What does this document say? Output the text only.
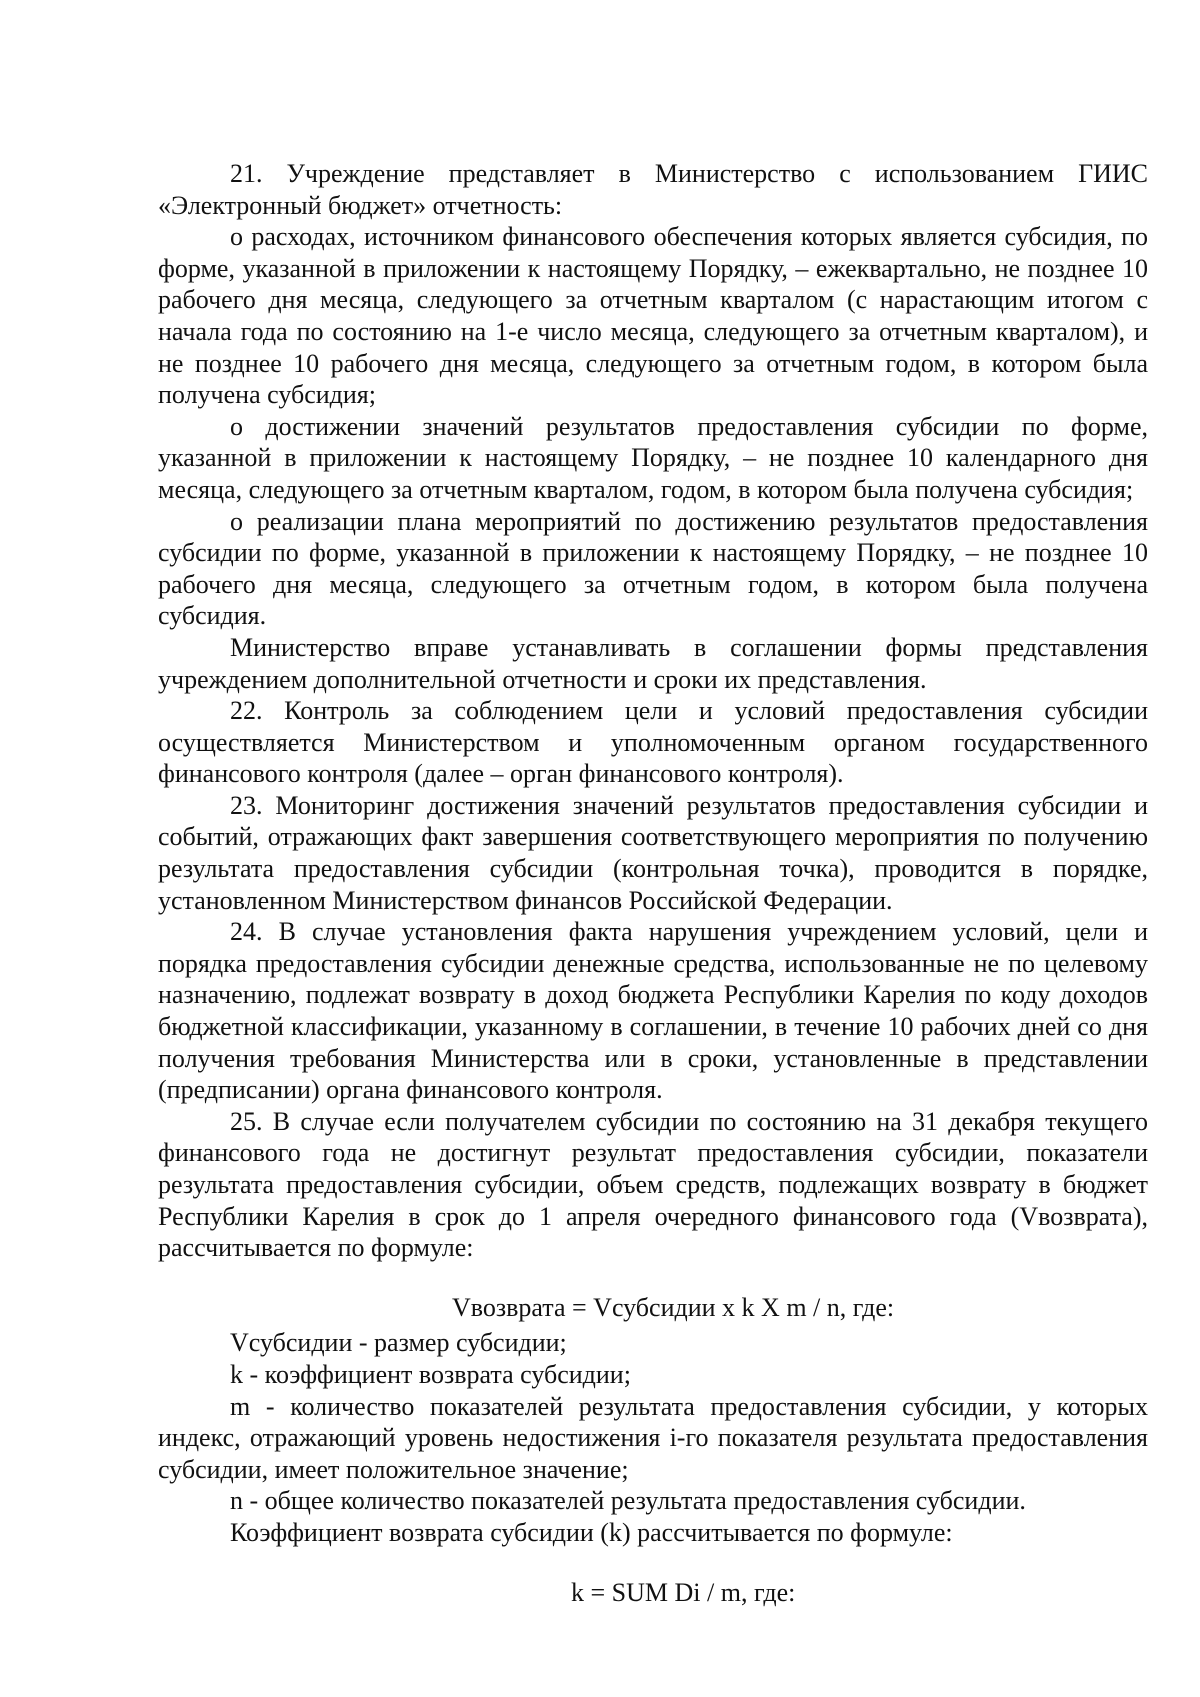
21. Учреждение представляет в Министерство с использованием ГИИС «Электронный бюджет» отчетность:

о расходах, источником финансового обеспечения которых является субсидия, по форме, указанной в приложении к настоящему Порядку, – ежеквартально, не позднее 10 рабочего дня месяца, следующего за отчетным кварталом (с нарастающим итогом с начала года по состоянию на 1-е число месяца, следующего за отчетным кварталом), и не позднее 10 рабочего дня месяца, следующего за отчетным годом, в котором была получена субсидия;

о достижении значений результатов предоставления субсидии по форме, указанной в приложении к настоящему Порядку, – не позднее 10 календарного дня месяца, следующего за отчетным кварталом, годом, в котором была получена субсидия;

о реализации плана мероприятий по достижению результатов предоставления субсидии по форме, указанной в приложении к настоящему Порядку, – не позднее 10 рабочего дня месяца, следующего за отчетным годом, в котором была получена субсидия.

Министерство вправе устанавливать в соглашении формы представления учреждением дополнительной отчетности и сроки их представления.

22. Контроль за соблюдением цели и условий предоставления субсидии осуществляется Министерством и уполномоченным органом государственного финансового контроля (далее – орган финансового контроля).

23. Мониторинг достижения значений результатов предоставления субсидии и событий, отражающих факт завершения соответствующего мероприятия по получению результата предоставления субсидии (контрольная точка), проводится в порядке, установленном Министерством финансов Российской Федерации.

24. В случае установления факта нарушения учреждением условий, цели и порядка предоставления субсидии денежные средства, использованные не по целевому назначению, подлежат возврату в доход бюджета Республики Карелия по коду доходов бюджетной классификации, указанному в соглашении, в течение 10 рабочих дней со дня получения требования Министерства или в сроки, установленные в представлении (предписании) органа финансового контроля.

25. В случае если получателем субсидии по состоянию на 31 декабря текущего финансового года не достигнут результат предоставления субсидии, показатели результата предоставления субсидии, объем средств, подлежащих возврату в бюджет Республики Карелия в срок до 1 апреля очередного финансового года (Vвозврата), рассчитывается по формуле:

Vвозврата = Vсубсидии x k X m / n, где:

Vсубсидии - размер субсидии;

k - коэффициент возврата субсидии;

m - количество показателей результата предоставления субсидии, у которых индекс, отражающий уровень недостижения i-го показателя результата предоставления субсидии, имеет положительное значение;

n - общее количество показателей результата предоставления субсидии.

Коэффициент возврата субсидии (k) рассчитывается по формуле:

k = SUM Di / m, где:
